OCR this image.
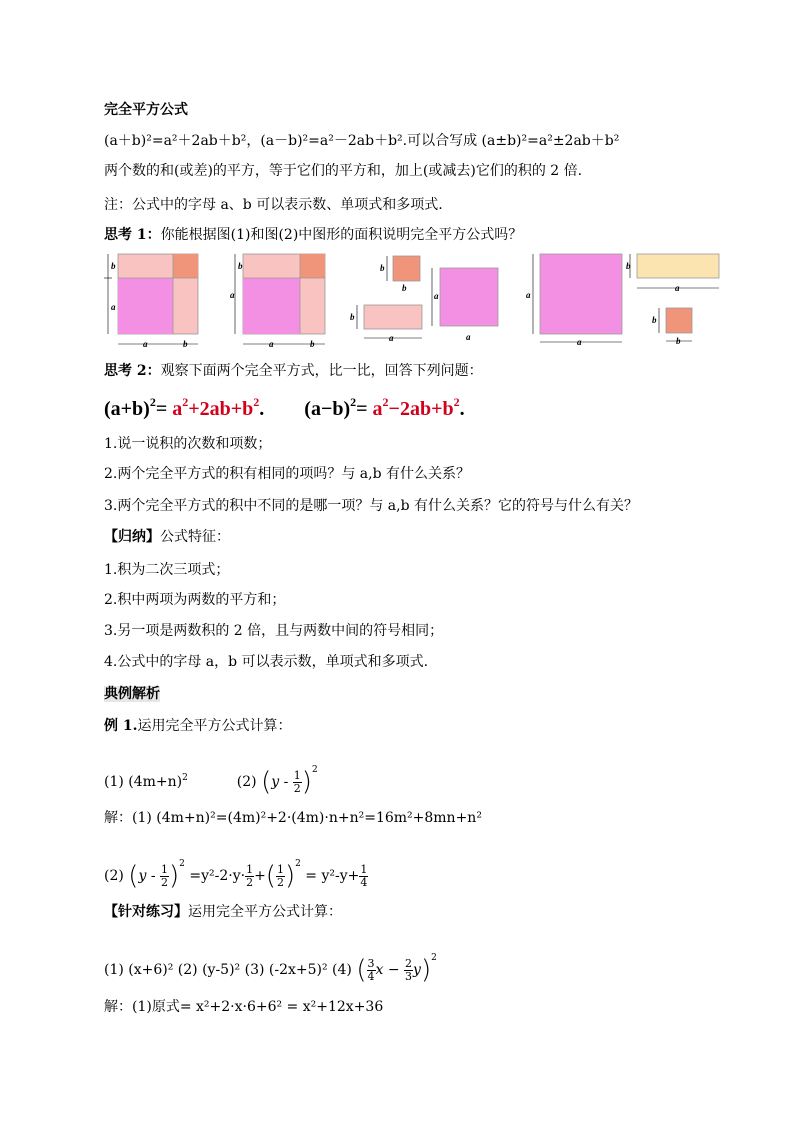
完全平方公式
(a＋b)²=a²＋2ab＋b²，(a－b)²=a²－2ab＋b².可以合写成 (a±b)²=a²±2ab＋b²
两个数的和(或差)的平方，等于它们的平方和，加上(或减去)它们的积的 2 倍.
注：公式中的字母 a、b 可以表示数、单项式和多项式.
思考 1：你能根据图(1)和图(2)中图形的面积说明完全平方公式吗？
b
a
a	b
b
a
a	b
b
b
a
a
b
a
a
a
b
a
b
b
思考 2：观察下面两个完全平方式，比一比，回答下列问题：
$(a+b)^2= a^2+2ab+b^2$. $(a-b)^2= a^2-2ab+b^2$.
1.说一说积的次数和项数；
2.两个完全平方式的积有相同的项吗？与 a,b 有什么关系？
3.两个完全平方式的积中不同的是哪一项？与 a,b 有什么关系？它的符号与什么有关？
【归纳】公式特征：
1.积为二次三项式；
2.积中两项为两数的平方和；
3.另一项是两数积的 2 倍，且与两数中间的符号相同；
4.公式中的字母 a，b 可以表示数，单项式和多项式.
典例解析
例 1.运用完全平方公式计算：
(1) $(4m+n)^2$	(2) $(y - \frac{1}{2} )^2$
解：(1) (4m+n)²=(4m)²+2·(4m)·n+n²=16m²+8mn+n²
(2) $(y - \frac{1}{2} )^2 =y^2-2\cdot y\cdot \frac{1}{2}$ +( $\frac{1}{2} )^2 = y^2-y+ \frac{1}{4}$
【针对练习】运用完全平方公式计算：
(1) (x+6)² (2) (y-5)² (3) (-2x+5)² (4) ( $\frac{3}{4}$ $x - \frac{2}{3} y)^2$
解：(1)原式= x²+2·x·6+6² = x²+12x+36
